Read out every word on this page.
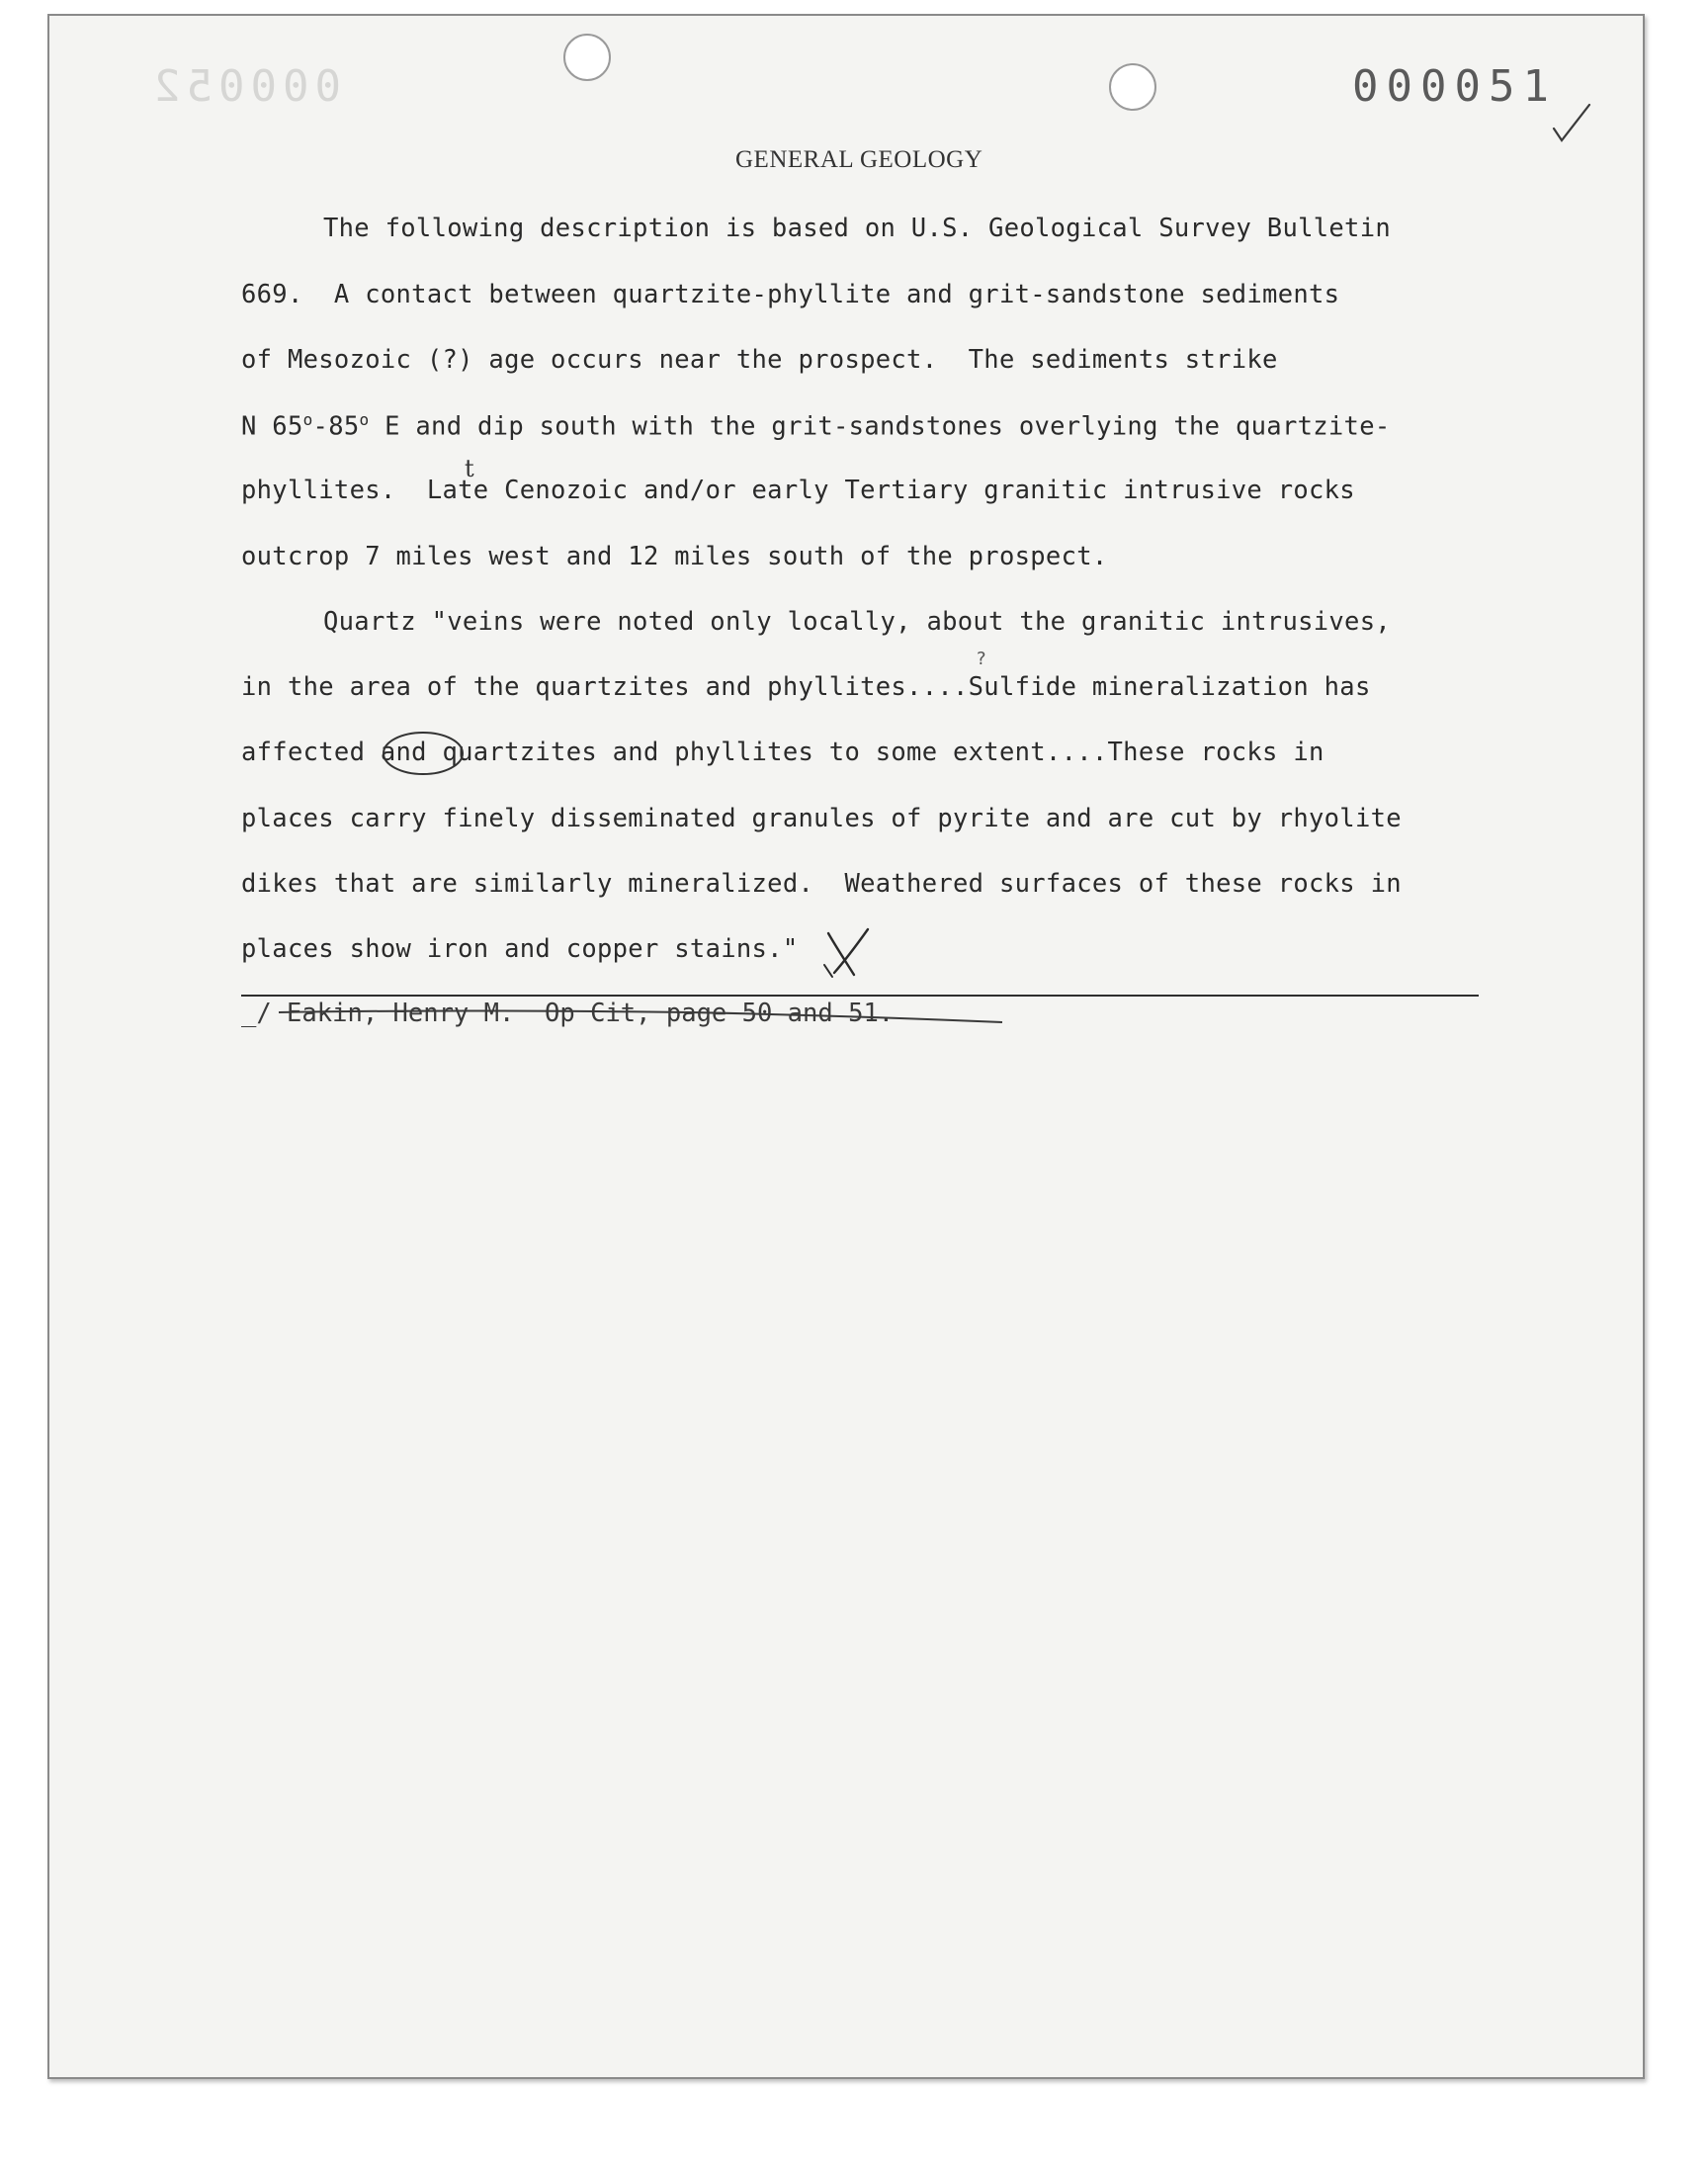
000052	000051
GENERAL GEOLOGY
The following description is based on U.S. Geological Survey Bulletin
669.  A contact between quartzite-phyllite and grit-sandstone sediments
of Mesozoic (?) age occurs near the prospect.  The sediments strike
N 65$^o$-85$^o$ E and dip south with the grit-sandstones overlying the quartzite-
phyllites.  Late Cenozoic and/or early Tertiary granitic intrusive rocks
outcrop 7 miles west and 12 miles south of the prospect.
Quartz "veins were noted only locally, about the granitic intrusives,
in the area of the quartzites and phyllites....Sulfide mineralization has
affected and quartzites and phyllites to some extent....These rocks in
places carry finely disseminated granules of pyrite and are cut by rhyolite
dikes that are similarly mineralized.  Weathered surfaces of these rocks in
places show iron and copper stains."
t
?
_/ Eakin, Henry M.  Op Cit, page 50 and 51.
